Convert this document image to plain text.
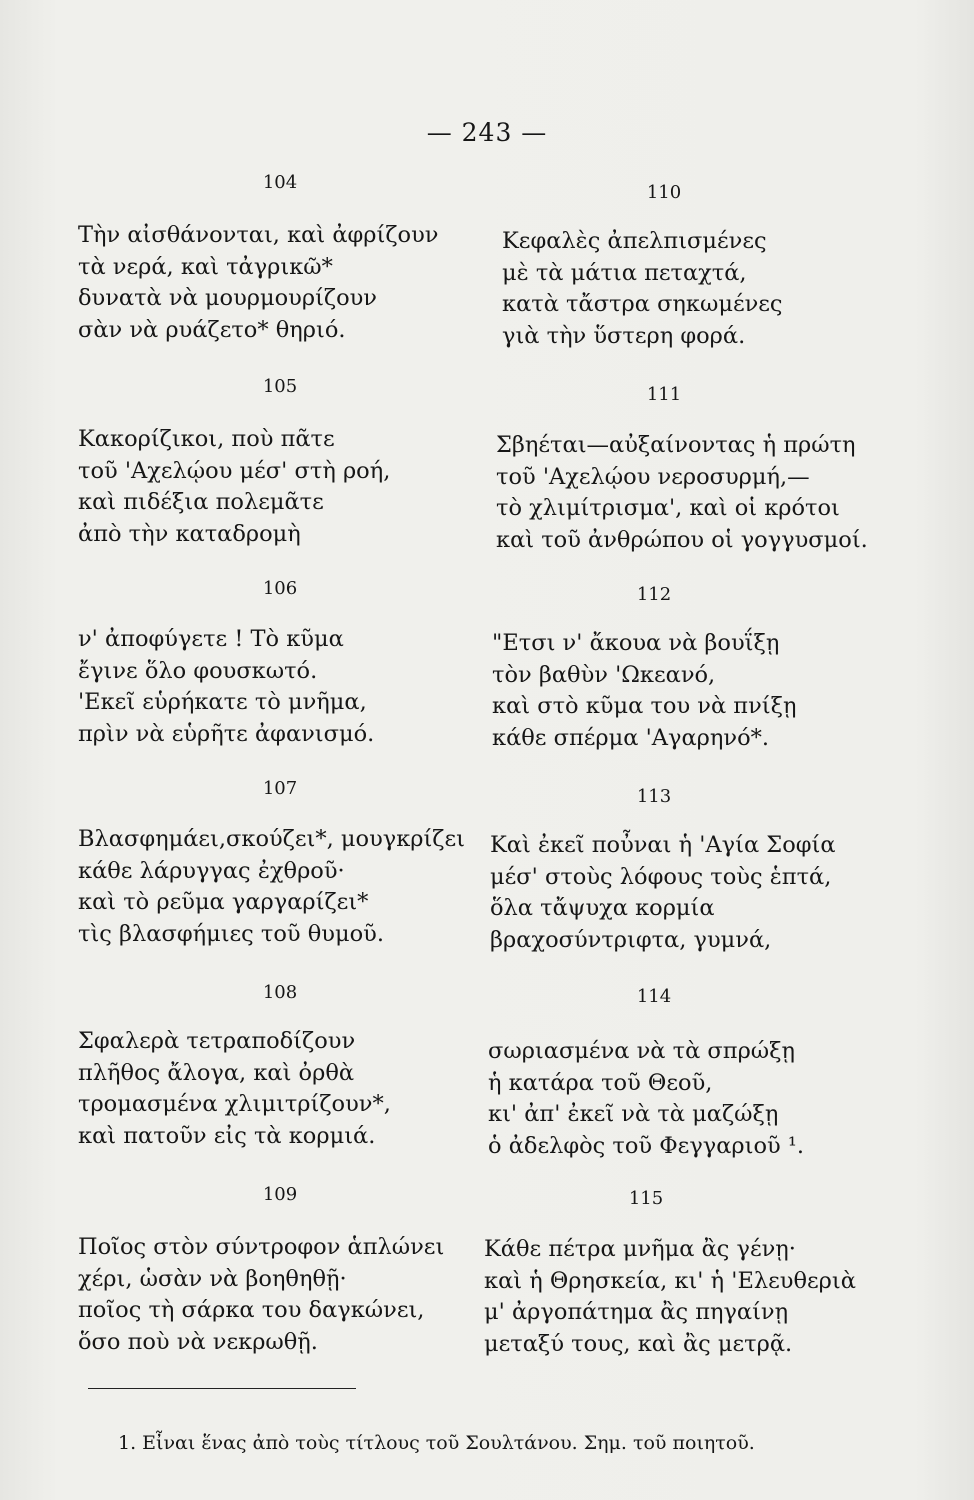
— 243 —
104
Τὴν αἰσθάνονται, καὶ ἀφρίζουν
τὰ νερά, καὶ τἀγρικῶ*
δυνατὰ νὰ μουρμουρίζουν
σὰν νὰ ρυάζετο* θηριό.
105
Κακορίζικοι, ποὺ πᾶτε
τοῦ 'Αχελῴου μέσ' στὴ ροή,
καὶ πιδέξια πολεμᾶτε
ἀπὸ τὴν καταδρομὴ
106
ν' ἀποφύγετε ! Τὸ κῦμα
ἔγινε ὅλο φουσκωτό.
'Εκεῖ εὑρήκατε τὸ μνῆμα,
πρὶν νὰ εὑρῆτε ἀφανισμό.
107
Βλασφημάει,σκούζει*, μουγκρίζει
κάθε λάρυγγας ἐχθροῦ·
καὶ τὸ ρεῦμα γαργαρίζει*
τὶς βλασφήμιες τοῦ θυμοῦ.
108
Σφαλερὰ τετραποδίζουν
πλῆθος ἄλογα, καὶ ὀρθὰ
τρομασμένα χλιμιτρίζουν*,
καὶ πατοῦν εἰς τὰ κορμιά.
109
Ποῖος στὸν σύντροφον ἁπλώνει
χέρι, ὡσὰν νὰ βοηθηθῇ·
ποῖος τὴ σάρκα του δαγκώνει,
ὅσο ποὺ νὰ νεκρωθῇ.
110
Κεφαλὲς ἀπελπισμένες
μὲ τὰ μάτια πεταχτά,
κατὰ τἄστρα σηκωμένες
γιὰ τὴν ὕστερη φορά.
111
Σβηέται—αὐξαίνοντας ἡ πρώτη
τοῦ 'Αχελῴου νεροσυρμή,—
τὸ χλιμίτρισμα', καὶ οἱ κρότοι
καὶ τοῦ ἀνθρώπου οἱ γογγυσμοί.
112
"Ετσι ν' ἄκουα νὰ βουΐξῃ
τὸν βαθὺν 'Ωκεανό,
καὶ στὸ κῦμα του νὰ πνίξῃ
κάθε σπέρμα 'Αγαρηνό*.
113
Καὶ ἐκεῖ ποὖναι ἡ 'Αγία Σοφία
μέσ' στοὺς λόφους τοὺς ἑπτά,
ὅλα τἄψυχα κορμία
βραχοσύντριφτα, γυμνά,
114
σωριασμένα νὰ τὰ σπρώξῃ
ἡ κατάρα τοῦ Θεοῦ,
κι' ἀπ' ἐκεῖ νὰ τὰ μαζώξῃ
ὁ ἀδελφὸς τοῦ Φεγγαριοῦ ¹.
115
Κάθε πέτρα μνῆμα ἂς γένῃ·
καὶ ἡ Θρησκεία, κι' ἡ 'Ελευθεριὰ
μ' ἀργοπάτημα ἂς πηγαίνῃ
μεταξύ τους, καὶ ἂς μετρᾷ.
1. Εἶναι ἕνας ἀπὸ τοὺς τίτλους τοῦ Σουλτάνου. Σημ. τοῦ ποιητοῦ.
